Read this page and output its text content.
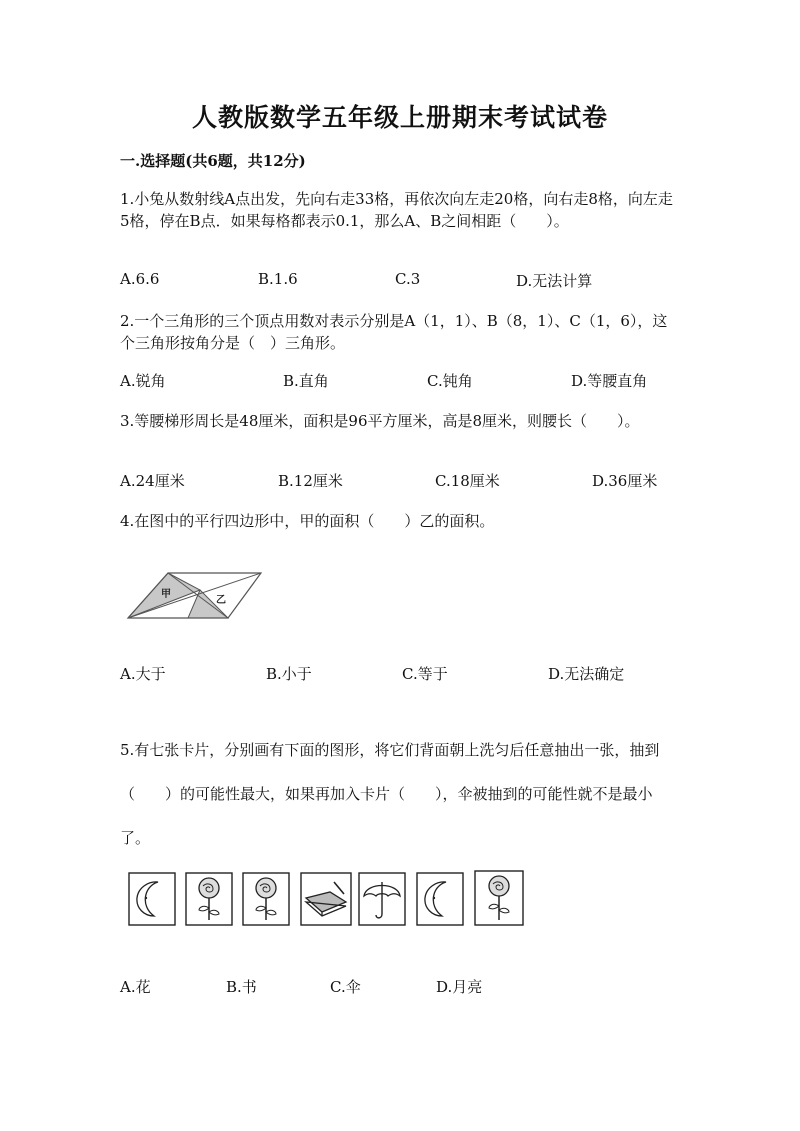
人教版数学五年级上册期末考试试卷
一.选择题(共6题，共12分)
1.小兔从数射线A点出发，先向右走33格，再依次向左走20格，向右走8格，向左走5格，停在B点．如果每格都表示0.1，那么A、B之间相距（　　）。
A.6.6	B.1.6	C.3	D.无法计算
2.一个三角形的三个顶点用数对表示分别是A（1，1）、B（8，1）、C（1，6），这个三角形按角分是（　）三角形。
A.锐角	B.直角	C.钝角	D.等腰直角
3.等腰梯形周长是48厘米，面积是96平方厘米，高是8厘米，则腰长（　　）。
A.24厘米	B.12厘米	C.18厘米	D.36厘米
4.在图中的平行四边形中，甲的面积（　　）乙的面积。
甲
乙
A.大于	B.小于	C.等于	D.无法确定
5.有七张卡片，分别画有下面的图形，将它们背面朝上洗匀后任意抽出一张，抽到（　　）的可能性最大，如果再加入卡片（　　），伞被抽到的可能性就不是最小了。
A.花	B.书	C.伞	D.月亮
